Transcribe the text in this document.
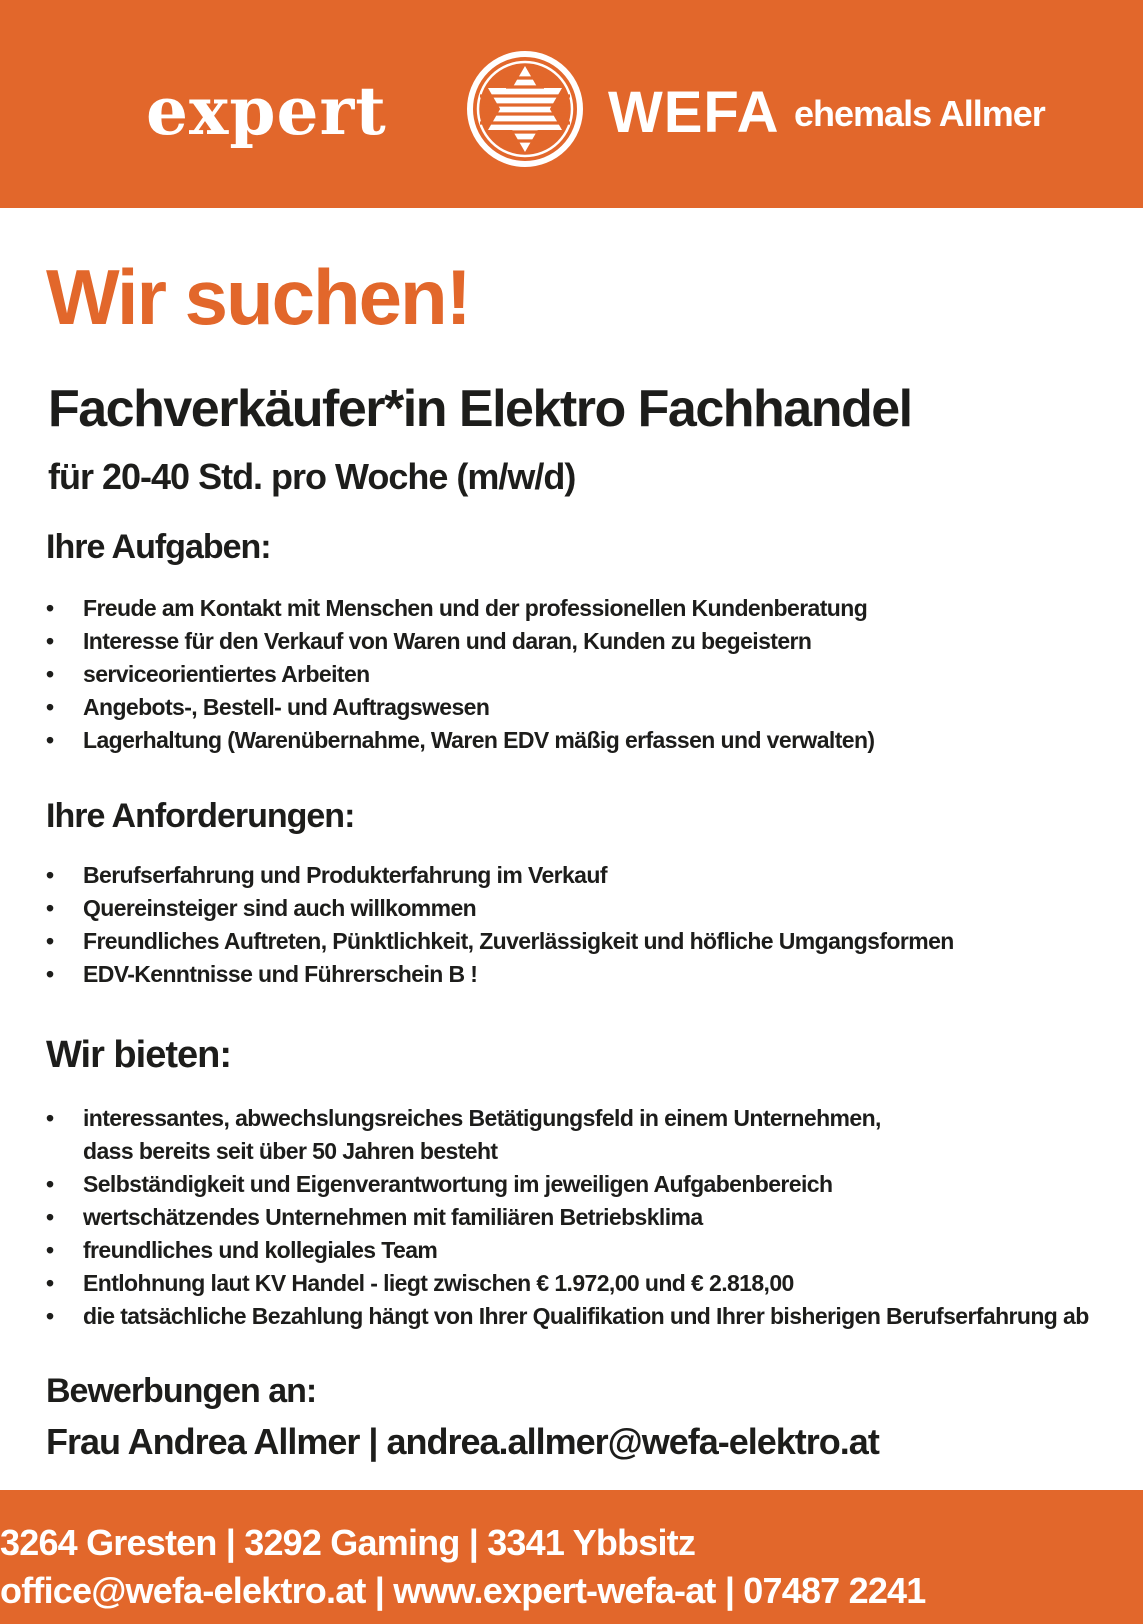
expert	WEFA ehemals Allmer
Wir suchen!
Fachverkäufer*in Elektro Fachhandel
für 20-40 Std. pro Woche (m/w/d)
Ihre Aufgaben:
• Freude am Kontakt mit Menschen und der professionellen Kundenberatung
• Interesse für den Verkauf von Waren und daran, Kunden zu begeistern
• serviceorientiertes Arbeiten
• Angebots-, Bestell- und Auftragswesen
• Lagerhaltung (Warenübernahme, Waren EDV mäßig erfassen und verwalten)
Ihre Anforderungen:
• Berufserfahrung und Produkterfahrung im Verkauf
• Quereinsteiger sind auch willkommen
• Freundliches Auftreten, Pünktlichkeit, Zuverlässigkeit und höfliche Umgangsformen
• EDV-Kenntnisse und Führerschein B !
Wir bieten:
• interessantes, abwechslungsreiches Betätigungsfeld in einem Unternehmen,
dass bereits seit über 50 Jahren besteht
• Selbständigkeit und Eigenverantwortung im jeweiligen Aufgabenbereich
• wertschätzendes Unternehmen mit familiären Betriebsklima
• freundliches und kollegiales Team
• Entlohnung laut KV Handel - liegt zwischen € 1.972,00 und € 2.818,00
• die tatsächliche Bezahlung hängt von Ihrer Qualifikation und Ihrer bisherigen Berufserfahrung ab
Bewerbungen an:
Frau Andrea Allmer | andrea.allmer@wefa-elektro.at
3264 Gresten | 3292 Gaming | 3341 Ybbsitz
office@wefa-elektro.at | www.expert-wefa-at | 07487 2241
